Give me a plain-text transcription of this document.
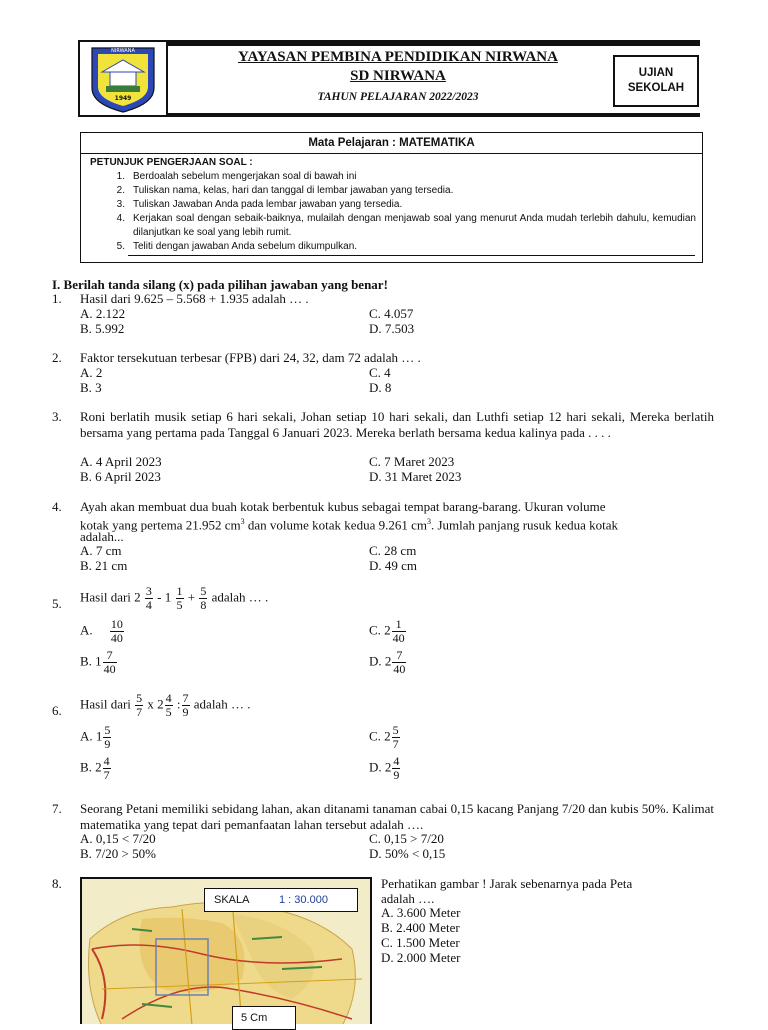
NIRWANA
1949
YAYASAN PEMBINA PENDIDIKAN NIRWANA
SD NIRWANA
TAHUN PELAJARAN 2022/2023
UJIAN
SEKOLAH
Mata Pelajaran : MATEMATIKA
PETUNJUK PENGERJAAN SOAL :
1. Berdoalah sebelum mengerjakan soal di bawah ini
2. Tuliskan nama, kelas, hari dan tanggal di lembar jawaban yang tersedia.
3. Tuliskan Jawaban Anda pada lembar jawaban yang tersedia.
4. Kerjakan soal dengan sebaik-baiknya, mulailah dengan menjawab soal yang menurut Anda mudah terlebih dahulu, kemudian dilanjutkan ke soal yang lebih rumit.
5. Teliti dengan jawaban Anda sebelum dikumpulkan.
I. Berilah tanda silang (x) pada pilihan jawaban yang benar!
1. Hasil dari 9.625 – 5.568 + 1.935 adalah … .
A. 2.122
B. 5.992
C. 4.057
D. 7.503
2. Faktor tersekutuan terbesar (FPB) dari 24, 32, dam 72 adalah … .
A. 2
B. 3
C. 4
D. 8
3. Roni berlatih musik setiap 6 hari sekali, Johan setiap 10 hari sekali, dan Luthfi setiap 12 hari sekali, Mereka berlatih bersama yang pertama pada Tanggal 6 Januari 2023. Mereka berlath bersama kedua kalinya pada . . . .
A. 4 April 2023
B. 6 April 2023
C. 7 Maret 2023
D. 31 Maret 2023
4. Ayah akan membuat dua buah kotak berbentuk kubus sebagai tempat barang-barang. Ukuran volume
kotak yang pertema 21.952 $cm^3$ dan volume kotak kedua 9.261 $cm^3$. Jumlah panjang rusuk kedua kotak
adalah...
A. 7 cm
B. 21 cm
C. 28 cm
D. 49 cm
5. Hasil dari $2 \frac{3}{4} - 1 \frac{1}{5} + \frac{5}{8}$ adalah … .
A. $\frac{10}{40}$
B. $1 \frac{7}{40}$
C. $2 \frac{1}{40}$
D. $2 \frac{7}{40}$
6. Hasil dari $\frac{5}{7}$ x $2 \frac{4}{5}$ : $\frac{7}{9}$ adalah … .
A. $1 \frac{5}{9}$
B. $2 \frac{4}{7}$
C. $2 \frac{5}{7}$
D. $2 \frac{4}{9}$
7. Seorang Petani memiliki sebidang lahan, akan ditanami tanaman cabai 0,15 kacang Panjang 7/20 dan kubis 50%. Kalimat matematika yang tepat dari pemanfaatan lahan tersebut adalah ….
A. 0,15 < 7/20
B. 7/20 > 50%
C. 0,15 > 7/20
D. 50% < 0,15
8.
SKALA	1 : 30.000
5 Cm
Perhatikan gambar ! Jarak sebenarnya pada Peta
adalah ….
A. 3.600 Meter
B. 2.400 Meter
C. 1.500 Meter
D. 2.000 Meter
